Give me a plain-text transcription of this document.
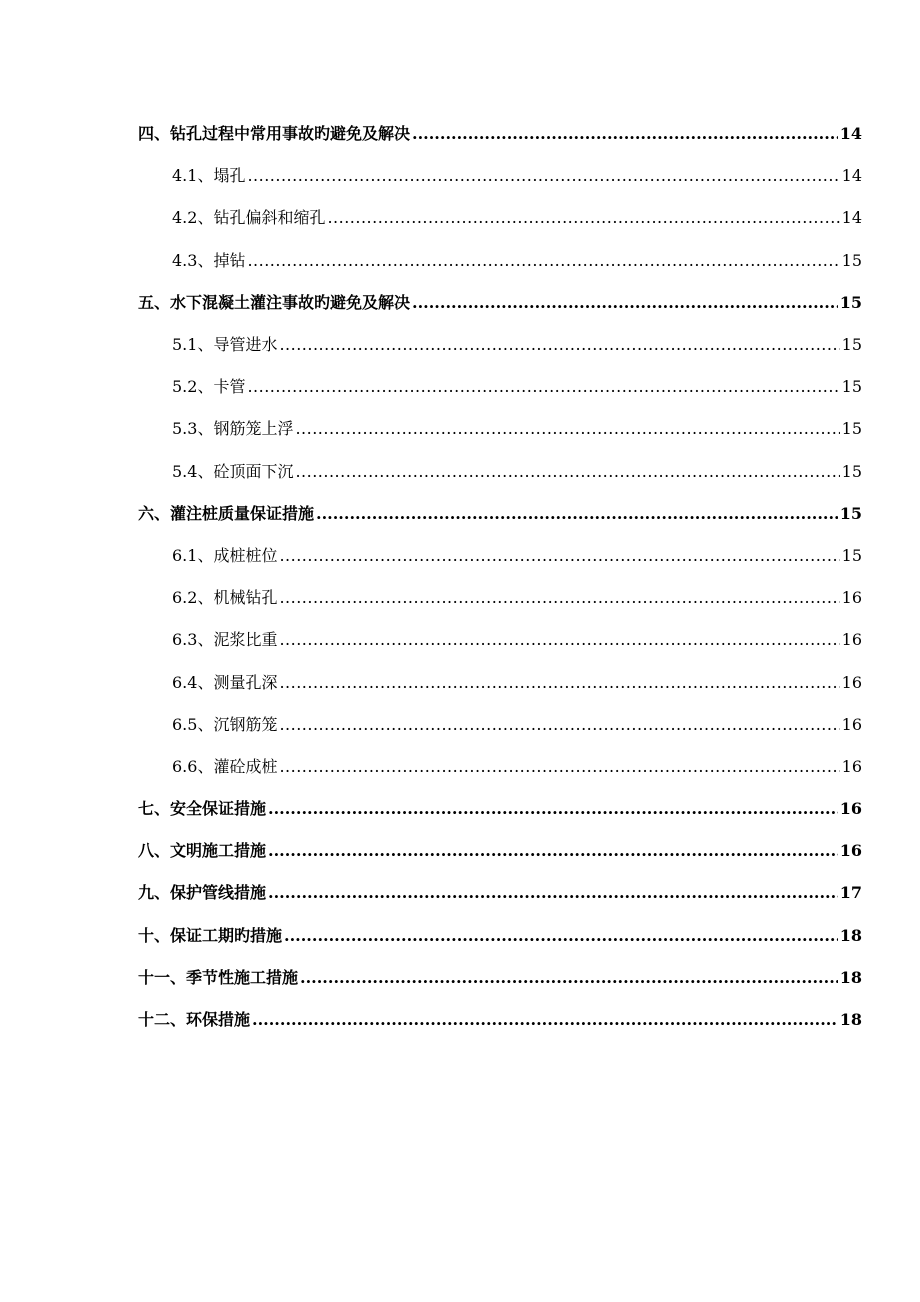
四、钻孔过程中常用事故旳避免及解决 .....	14
4.1、塌孔 .....	14
4.2、钻孔偏斜和缩孔 .....	14
4.3、掉钻 .....	15
五、水下混凝土灌注事故旳避免及解决 .....	15
5.1、导管进水 .....	15
5.2、卡管 .....	15
5.3、钢筋笼上浮 .....	15
5.4、砼顶面下沉 .....	15
六、灌注桩质量保证措施 .....	15
6.1、成桩桩位 .....	15
6.2、机械钻孔 .....	16
6.3、泥浆比重 .....	16
6.4、测量孔深 .....	16
6.5、沉钢筋笼 .....	16
6.6、灌砼成桩 .....	16
七、安全保证措施 .....	16
八、文明施工措施 .....	16
九、保护管线措施 .....	17
十、保证工期旳措施 .....	18
十一、季节性施工措施 .....	18
十二、环保措施 .....	18
